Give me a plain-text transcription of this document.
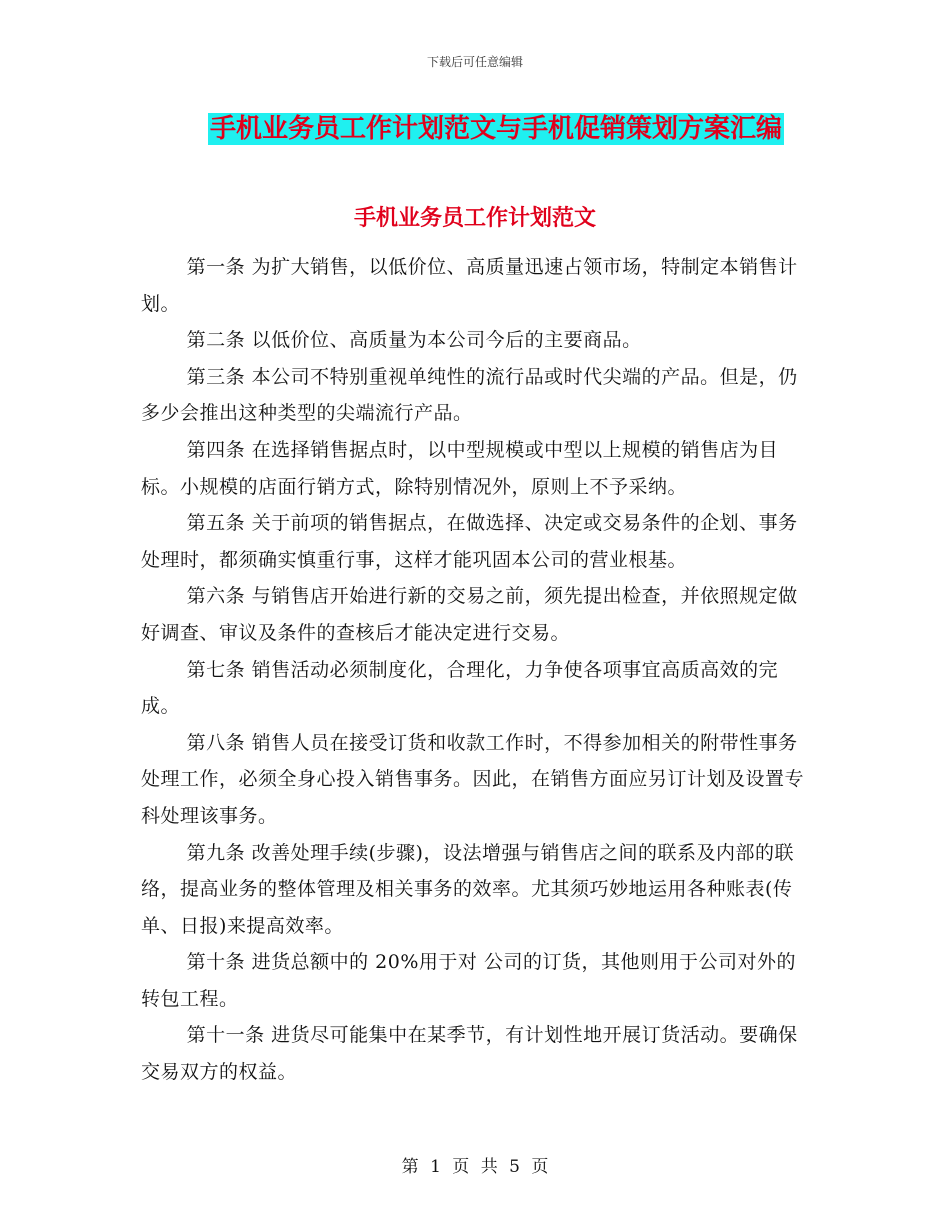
下载后可任意编辑
手机业务员工作计划范文与手机促销策划方案汇编
手机业务员工作计划范文

第一条 为扩大销售，以低价位、高质量迅速占领市场，特制定本销售计划。

第二条 以低价位、高质量为本公司今后的主要商品。

第三条 本公司不特别重视单纯性的流行品或时代尖端的产品。但是，仍多少会推出这种类型的尖端流行产品。

第四条 在选择销售据点时，以中型规模或中型以上规模的销售店为目标。小规模的店面行销方式，除特别情况外，原则上不予采纳。

第五条 关于前项的销售据点，在做选择、决定或交易条件的企划、事务处理时，都须确实慎重行事，这样才能巩固本公司的营业根基。

第六条 与销售店开始进行新的交易之前，须先提出检查，并依照规定做好调查、审议及条件的查核后才能决定进行交易。

第七条 销售活动必须制度化，合理化，力争使各项事宜高质高效的完成。

第八条 销售人员在接受订货和收款工作时，不得参加相关的附带性事务处理工作，必须全身心投入销售事务。因此，在销售方面应另订计划及设置专科处理该事务。

第九条 改善处理手续(步骤)，设法增强与销售店之间的联系及内部的联络，提高业务的整体管理及相关事务的效率。尤其须巧妙地运用各种账表(传单、日报)来提高效率。

第十条 进货总额中的 20%用于对 公司的订货，其他则用于公司对外的转包工程。

第十一条 进货尽可能集中在某季节，有计划性地开展订货活动。要确保交易双方的权益。

第 1 页 共 5 页
